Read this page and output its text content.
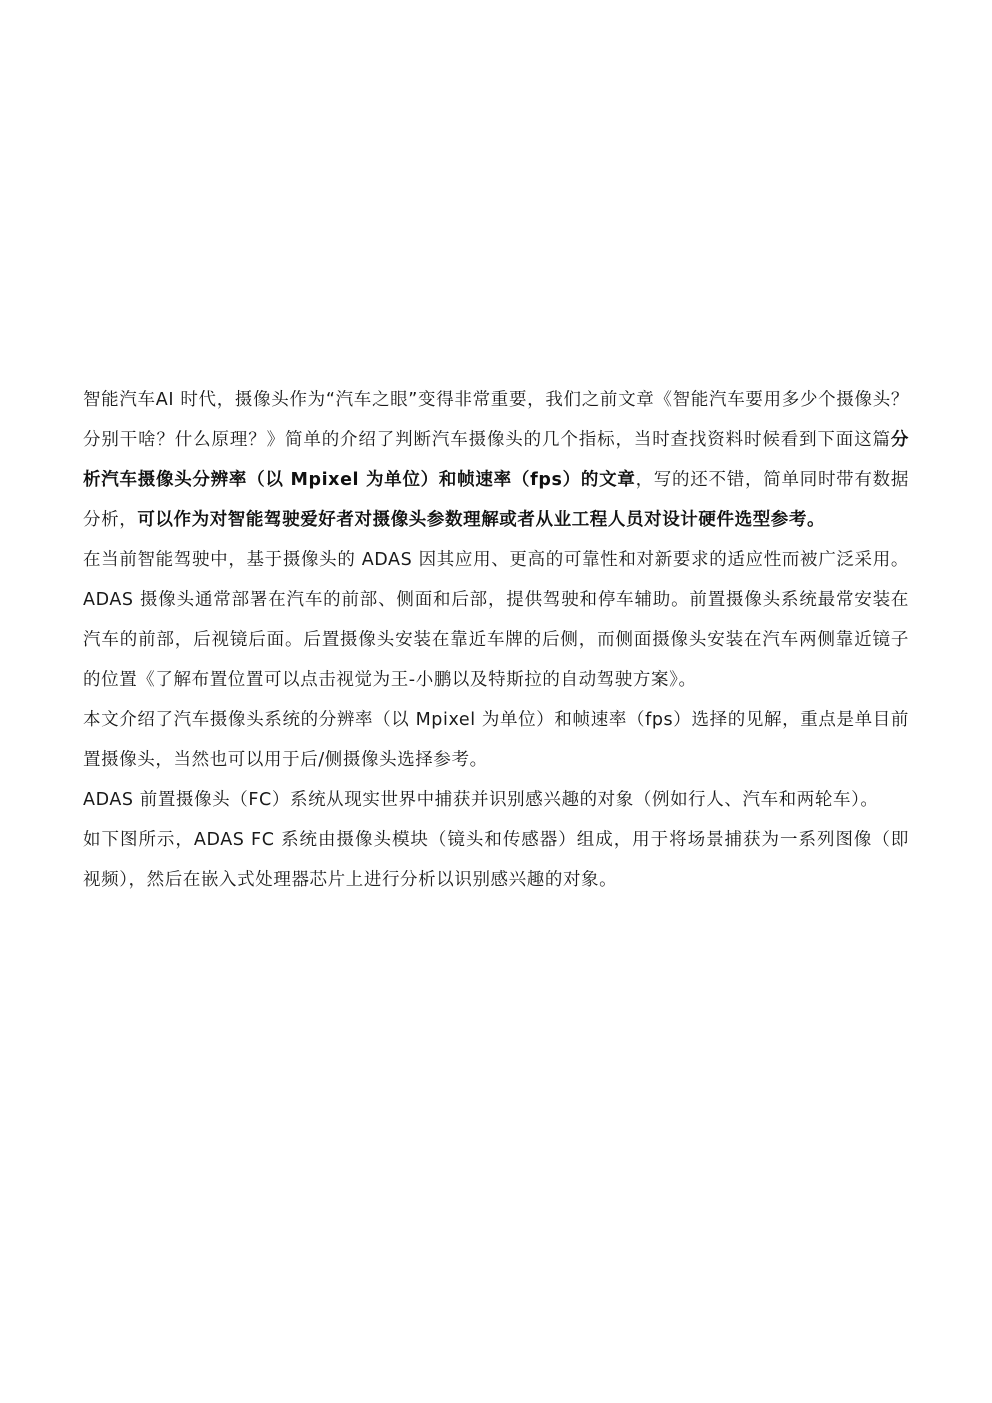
智能汽车AI 时代，摄像头作为“汽车之眼”变得非常重要，我们之前文章《智能汽车要用多少个摄像头？分别干啥？什么原理？》简单的介绍了判断汽车摄像头的几个指标，当时查找资料时候看到下面这篇分析汽车摄像头分辨率（以 Mpixel 为单位）和帧速率（fps）的文章，写的还不错，简单同时带有数据分析，可以作为对智能驾驶爱好者对摄像头参数理解或者从业工程人员对设计硬件选型参考。

在当前智能驾驶中，基于摄像头的 ADAS 因其应用、更高的可靠性和对新要求的适应性而被广泛采用。ADAS 摄像头通常部署在汽车的前部、侧面和后部，提供驾驶和停车辅助。前置摄像头系统最常安装在汽车的前部，后视镜后面。后置摄像头安装在靠近车牌的后侧，而侧面摄像头安装在汽车两侧靠近镜子的位置《了解布置位置可以点击视觉为王-小鹏以及特斯拉的自动驾驶方案》。

本文介绍了汽车摄像头系统的分辨率（以 Mpixel 为单位）和帧速率（fps）选择的见解，重点是单目前置摄像头，当然也可以用于后/侧摄像头选择参考。

ADAS 前置摄像头（FC）系统从现实世界中捕获并识别感兴趣的对象（例如行人、汽车和两轮车）。

如下图所示，ADAS FC 系统由摄像头模块（镜头和传感器）组成，用于将场景捕获为一系列图像（即视频），然后在嵌入式处理器芯片上进行分析以识别感兴趣的对象。
